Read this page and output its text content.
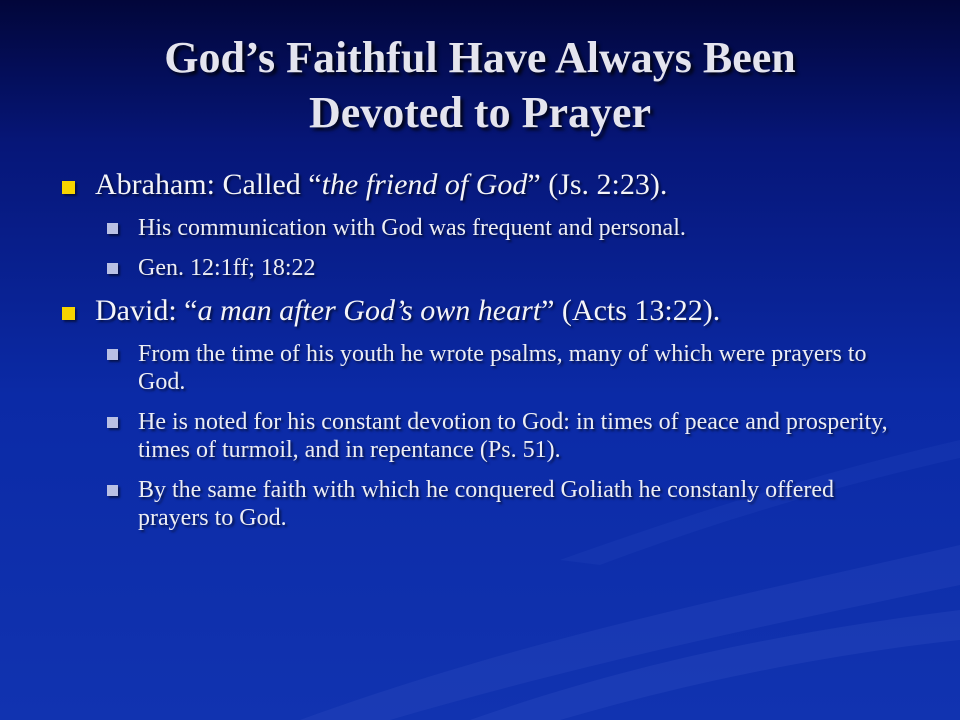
God’s Faithful Have Always Been
Devoted to Prayer
Abraham: Called “the friend of God” (Js. 2:23).
His communication with God was frequent and personal.
Gen. 12:1ff; 18:22
David: “a man after God’s own heart” (Acts 13:22).
From the time of his youth he wrote psalms, many of which were prayers to God.
He is noted for his constant devotion to God: in times of peace and prosperity, times of turmoil, and in repentance (Ps. 51).
By the same faith with which he conquered Goliath he constanly offered prayers to God.
